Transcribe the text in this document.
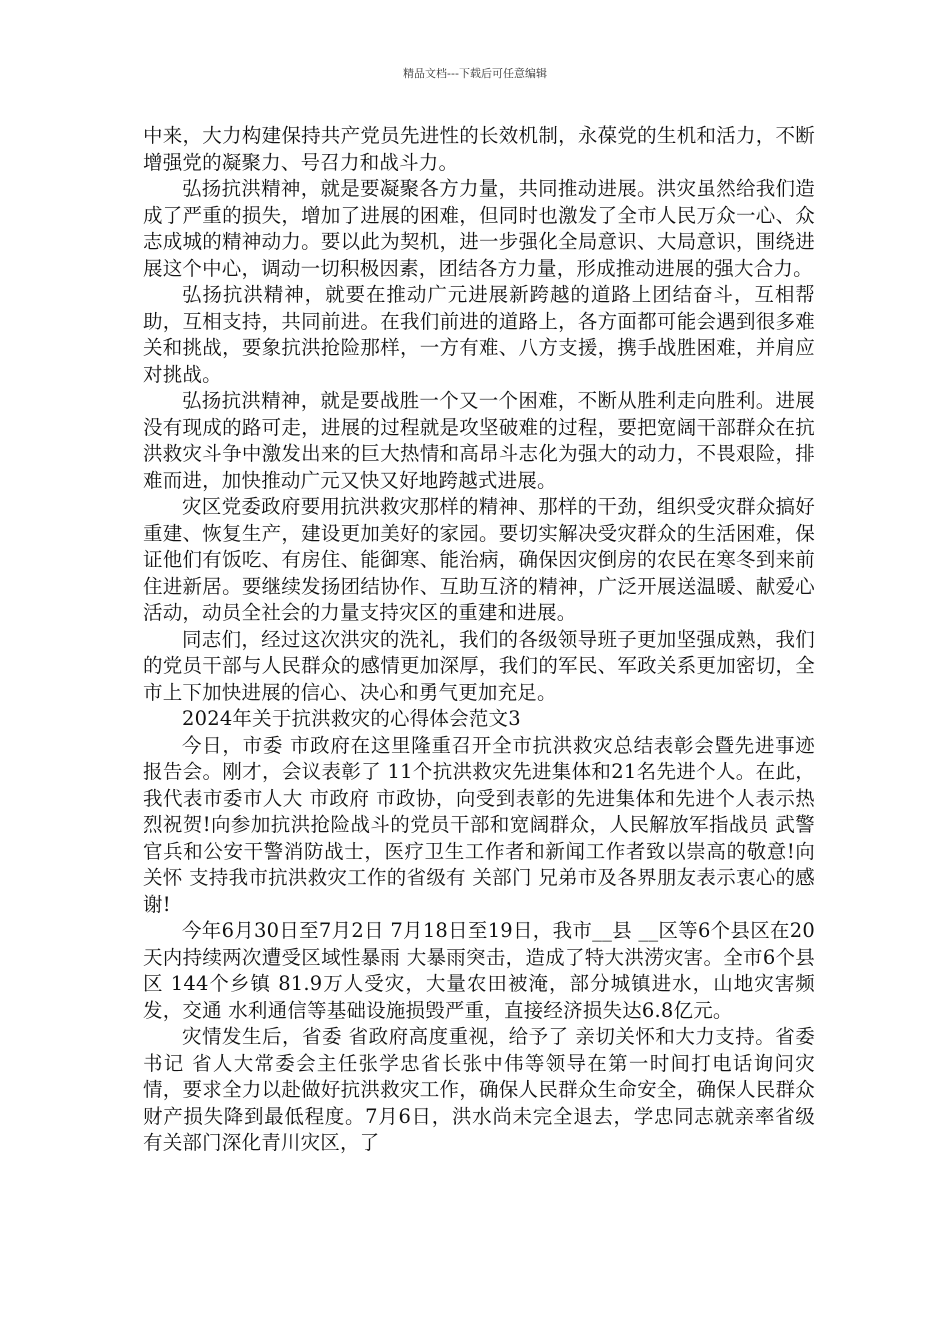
精品文档---下载后可任意编辑

中来，大力构建保持共产党员先进性的长效机制，永葆党的生机和活力，不断增强党的凝聚力、号召力和战斗力。

弘扬抗洪精神，就是要凝聚各方力量，共同推动进展。洪灾虽然给我们造成了严重的损失，增加了进展的困难，但同时也激发了全市人民万众一心、众志成城的精神动力。要以此为契机，进一步强化全局意识、大局意识，围绕进展这个中心，调动一切积极因素，团结各方力量，形成推动进展的强大合力。

弘扬抗洪精神，就要在推动广元进展新跨越的道路上团结奋斗，互相帮助，互相支持，共同前进。在我们前进的道路上，各方面都可能会遇到很多难关和挑战，要象抗洪抢险那样，一方有难、八方支援，携手战胜困难，并肩应对挑战。

弘扬抗洪精神，就是要战胜一个又一个困难，不断从胜利走向胜利。进展没有现成的路可走，进展的过程就是攻坚破难的过程，要把宽阔干部群众在抗洪救灾斗争中激发出来的巨大热情和高昂斗志化为强大的动力，不畏艰险，排难而进，加快推动广元又快又好地跨越式进展。

灾区党委政府要用抗洪救灾那样的精神、那样的干劲，组织受灾群众搞好重建、恢复生产，建设更加美好的家园。要切实解决受灾群众的生活困难，保证他们有饭吃、有房住、能御寒、能治病，确保因灾倒房的农民在寒冬到来前住进新居。要继续发扬团结协作、互助互济的精神，广泛开展送温暖、献爱心活动，动员全社会的力量支持灾区的重建和进展。

同志们，经过这次洪灾的洗礼，我们的各级领导班子更加坚强成熟，我们的党员干部与人民群众的感情更加深厚，我们的军民、军政关系更加密切，全市上下加快进展的信心、决心和勇气更加充足。

2024年关于抗洪救灾的心得体会范文3

今日，市委 市政府在这里隆重召开全市抗洪救灾总结表彰会暨先进事迹报告会。刚才，会议表彰了 11个抗洪救灾先进集体和21名先进个人。在此，我代表市委市人大 市政府 市政协，向受到表彰的先进集体和先进个人表示热烈祝贺!向参加抗洪抢险战斗的党员干部和宽阔群众，人民解放军指战员 武警官兵和公安干警消防战士，医疗卫生工作者和新闻工作者致以崇高的敬意!向关怀 支持我市抗洪救灾工作的省级有 关部门 兄弟市及各界朋友表示衷心的感谢!

今年6月30日至7月2日 7月18日至19日，我市__县 __区等6个县区在20天内持续两次遭受区域性暴雨 大暴雨突击，造成了特大洪涝灾害。全市6个县区 144个乡镇 81.9万人受灾，大量农田被淹，部分城镇进水，山地灾害频发，交通 水利通信等基础设施损毁严重，直接经济损失达6.8亿元。

灾情发生后，省委 省政府高度重视，给予了 亲切关怀和大力支持。省委书记 省人大常委会主任张学忠省长张中伟等领导在第一时间打电话询问灾情，要求全力以赴做好抗洪救灾工作，确保人民群众生命安全，确保人民群众财产损失降到最低程度。7月6日，洪水尚未完全退去，学忠同志就亲率省级有关部门深化青川灾区，了
